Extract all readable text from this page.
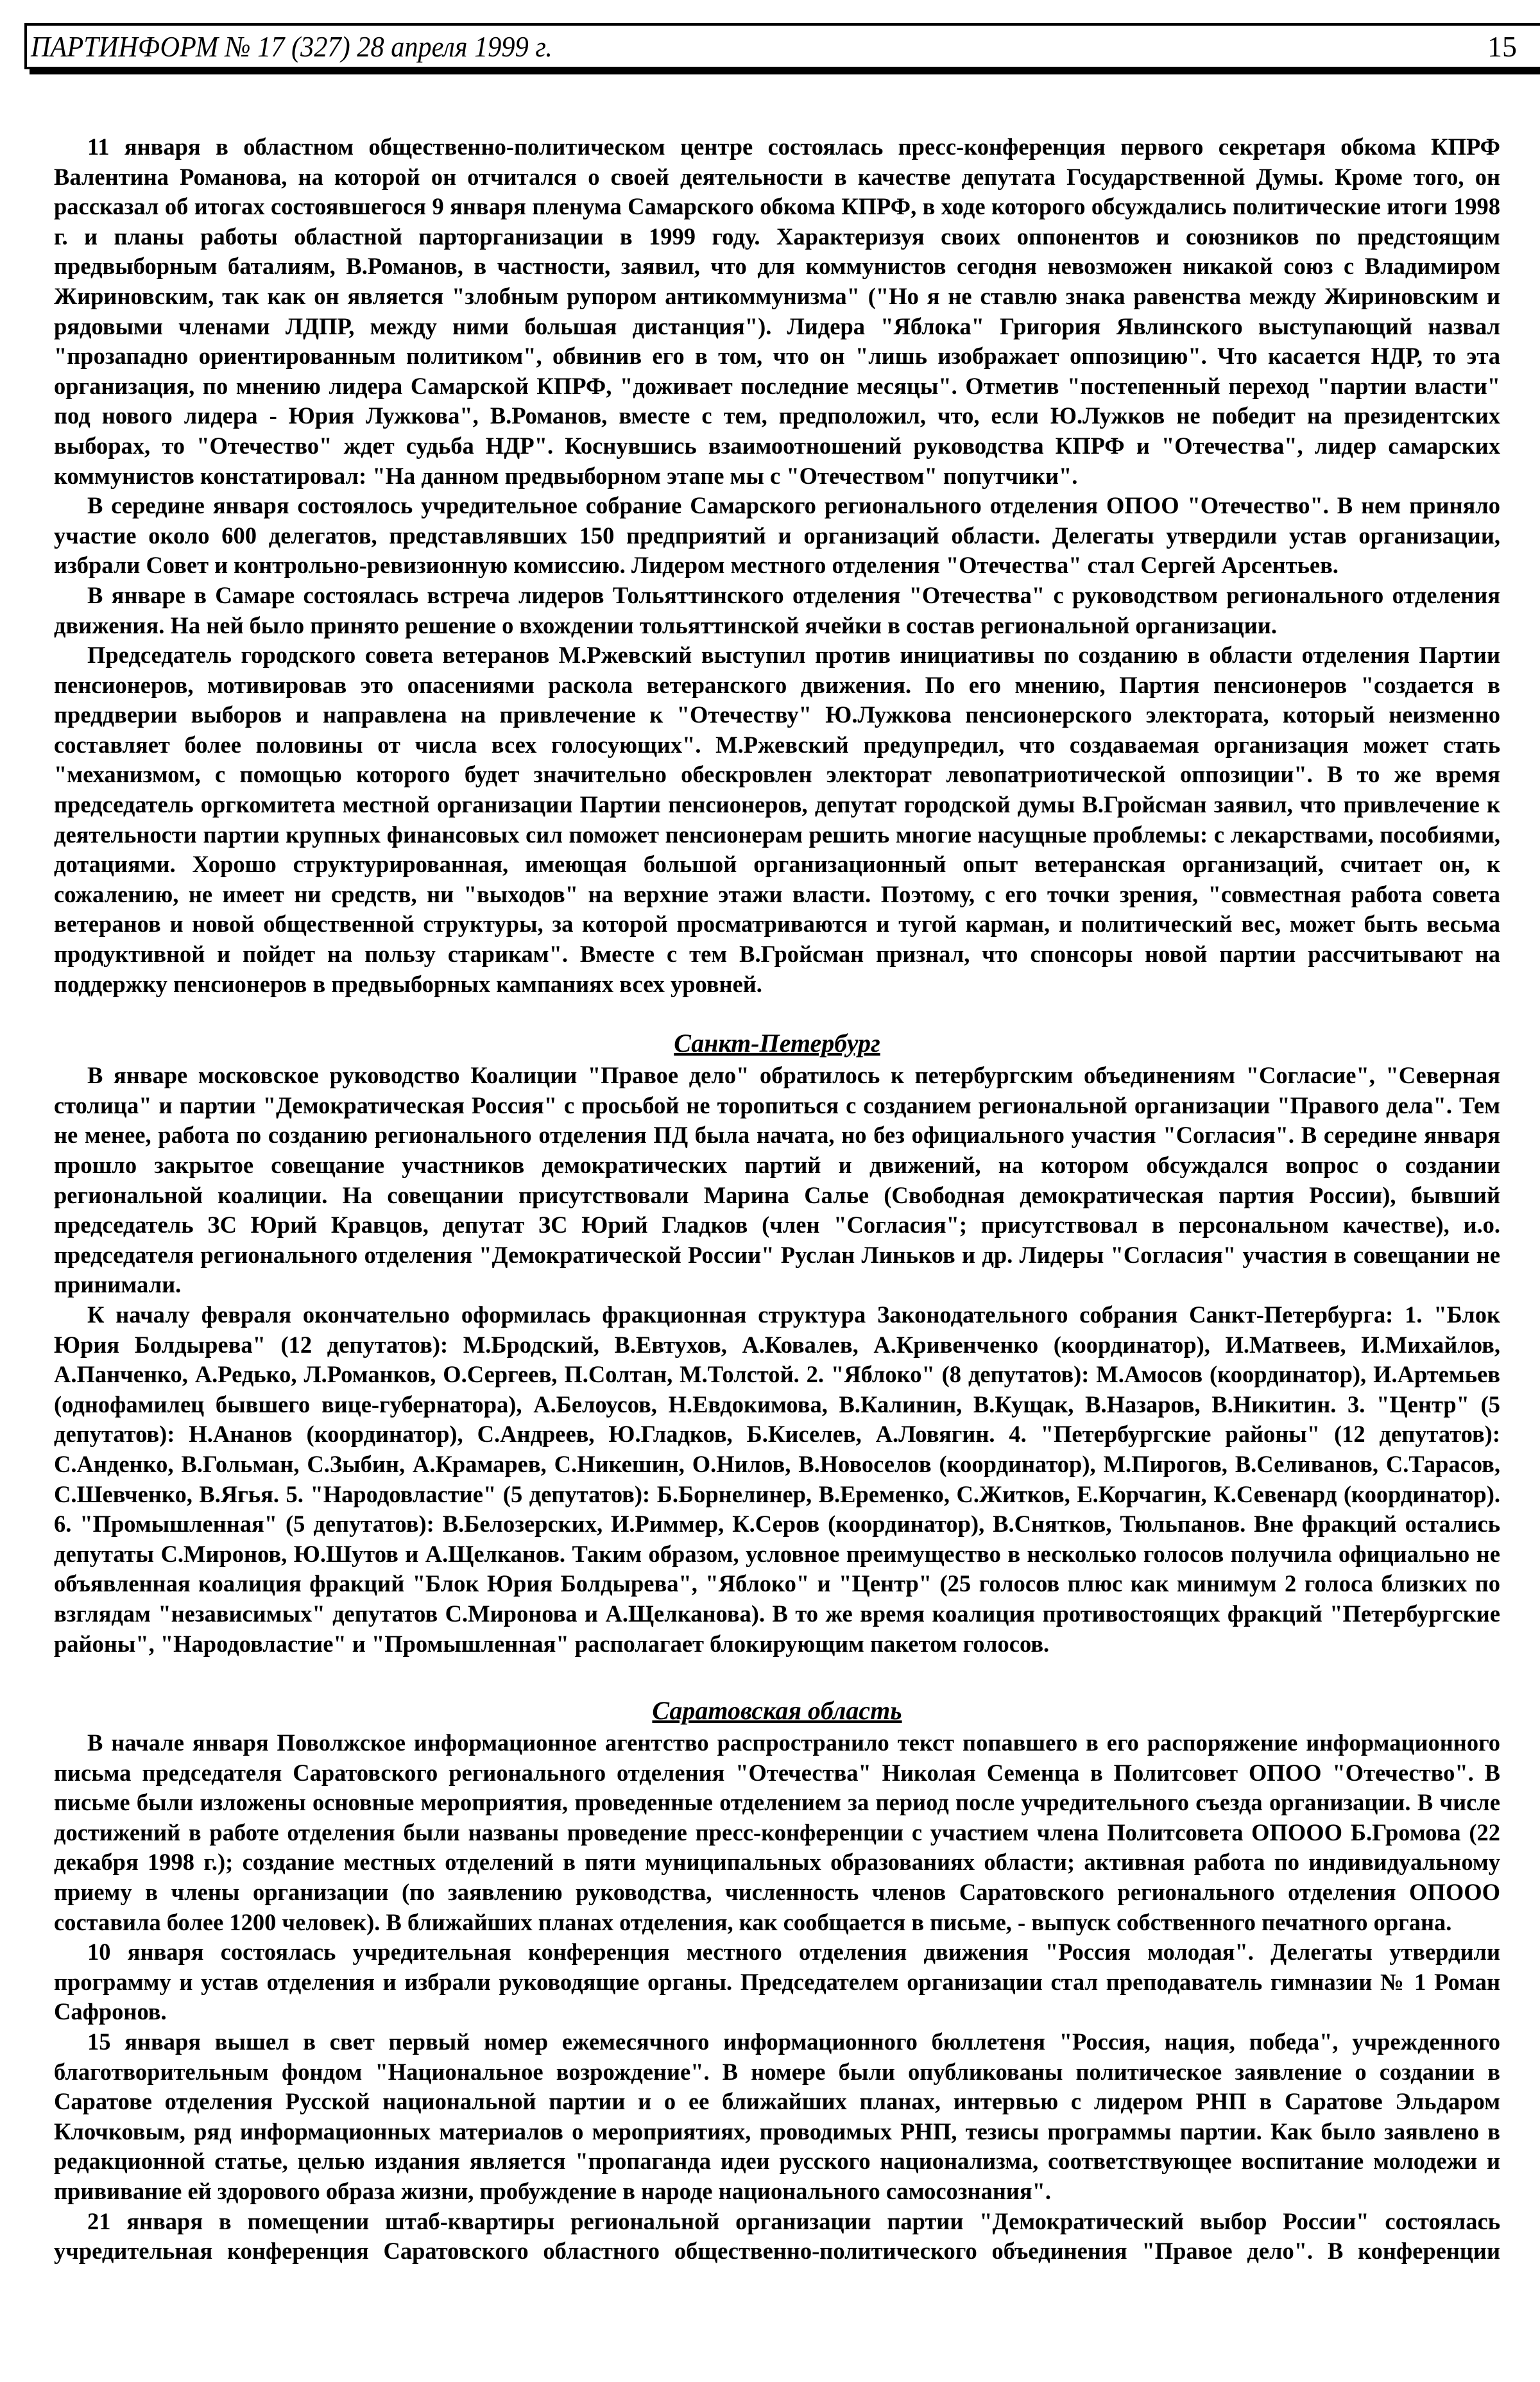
ПАРТИНФОРМ № 17 (327) 28 апреля 1999 г.	15

11 января в областном общественно-политическом центре состоялась пресс-конференция первого секретаря обкома КПРФ Валентина Романова, на которой он отчитался о своей деятельности в качестве депутата Государственной Думы. Кроме того, он рассказал об итогах состоявшегося 9 января пленума Самарского обкома КПРФ, в ходе которого обсуждались политические итоги 1998 г. и планы работы областной парторганизации в 1999 году. Характеризуя своих оппонентов и союзников по предстоящим предвыборным баталиям, В.Романов, в частности, заявил, что для коммунистов сегодня невозможен никакой союз с Владимиром Жириновским, так как он является "злобным рупором антикоммунизма" ("Но я не ставлю знака равенства между Жириновским и рядовыми членами ЛДПР, между ними большая дистанция"). Лидера "Яблока" Григория Явлинского выступающий назвал "прозападно ориентированным политиком", обвинив его в том, что он "лишь изображает оппозицию". Что касается НДР, то эта организация, по мнению лидера Самарской КПРФ, "доживает последние месяцы". Отметив "постепенный переход "партии власти" под нового лидера - Юрия Лужкова", В.Романов, вместе с тем, предположил, что, если Ю.Лужков не победит на президентских выборах, то "Отечество" ждет судьба НДР". Коснувшись взаимоотношений руководства КПРФ и "Отечества", лидер самарских коммунистов констатировал: "На данном предвыборном этапе мы с "Отечеством" попутчики".

В середине января состоялось учредительное собрание Самарского регионального отделения ОПОО "Отечество". В нем приняло участие около 600 делегатов, представлявших 150 предприятий и организаций области. Делегаты утвердили устав организации, избрали Совет и контрольно-ревизионную комиссию. Лидером местного отделения "Отечества" стал Сергей Арсентьев.

В январе в Самаре состоялась встреча лидеров Тольяттинского отделения "Отечества" с руководством регионального отделения движения. На ней было принято решение о вхождении тольяттинской ячейки в состав региональной организации.

Председатель городского совета ветеранов М.Ржевский выступил против инициативы по созданию в области отделения Партии пенсионеров, мотивировав это опасениями раскола ветеранского движения. По его мнению, Партия пенсионеров "создается в преддверии выборов и направлена на привлечение к "Отечеству" Ю.Лужкова пенсионерского электората, который неизменно составляет более половины от числа всех голосующих". М.Ржевский предупредил, что создаваемая организация может стать "механизмом, с помощью которого будет значительно обескровлен электорат левопатриотической оппозиции". В то же время председатель оргкомитета местной организации Партии пенсионеров, депутат городской думы В.Гройсман заявил, что привлечение к деятельности партии крупных финансовых сил поможет пенсионерам решить многие насущные проблемы: с лекарствами, пособиями, дотациями. Хорошо структурированная, имеющая большой организационный опыт ветеранская организаций, считает он, к сожалению, не имеет ни средств, ни "выходов" на верхние этажи власти. Поэтому, с его точки зрения, "совместная работа совета ветеранов и новой общественной структуры, за которой просматриваются и тугой карман, и политический вес, может быть весьма продуктивной и пойдет на пользу старикам". Вместе с тем В.Гройсман признал, что спонсоры новой партии рассчитывают на поддержку пенсионеров в предвыборных кампаниях всех уровней.

Санкт-Петербург

В январе московское руководство Коалиции "Правое дело" обратилось к петербургским объединениям "Согласие", "Северная столица" и партии "Демократическая Россия" с просьбой не торопиться с созданием региональной организации "Правого дела". Тем не менее, работа по созданию регионального отделения ПД была начата, но без официального участия "Согласия". В середине января прошло закрытое совещание участников демократических партий и движений, на котором обсуждался вопрос о создании региональной коалиции. На совещании присутствовали Марина Салье (Свободная демократическая партия России), бывший председатель ЗС Юрий Кравцов, депутат ЗС Юрий Гладков (член "Согласия"; присутствовал в персональном качестве), и.о. председателя регионального отделения "Демократической России" Руслан Линьков и др. Лидеры "Согласия" участия в совещании не принимали.

К началу февраля окончательно оформилась фракционная структура Законодательного собрания Санкт-Петербурга: 1. "Блок Юрия Болдырева" (12 депутатов): М.Бродский, В.Евтухов, А.Ковалев, А.Кривенченко (координатор), И.Матвеев, И.Михайлов, А.Панченко, А.Редько, Л.Романков, О.Сергеев, П.Солтан, М.Толстой. 2. "Яблоко" (8 депутатов): М.Амосов (координатор), И.Артемьев (однофамилец бывшего вице-губернатора), А.Белоусов, Н.Евдокимова, В.Калинин, В.Кущак, В.Назаров, В.Никитин. 3. "Центр" (5 депутатов): Н.Ананов (координатор), С.Андреев, Ю.Гладков, Б.Киселев, А.Ловягин. 4. "Петербургские районы" (12 депутатов): С.Анденко, В.Гольман, С.Зыбин, А.Крамарев, С.Никешин, О.Нилов, В.Новоселов (координатор), М.Пирогов, В.Селиванов, С.Тарасов, С.Шевченко, В.Ягья. 5. "Народовластие" (5 депутатов): Б.Борнелинер, В.Еременко, С.Житков, Е.Корчагин, К.Севенард (координатор). 6. "Промышленная" (5 депутатов): В.Белозерских, И.Риммер, К.Серов (координатор), В.Снятков, Тюльпанов. Вне фракций остались депутаты С.Миронов, Ю.Шутов и А.Щелканов. Таким образом, условное преимущество в несколько голосов получила официально не объявленная коалиция фракций "Блок Юрия Болдырева", "Яблоко" и "Центр" (25 голосов плюс как минимум 2 голоса близких по взглядам "независимых" депутатов С.Миронова и А.Щелканова). В то же время коалиция противостоящих фракций "Петербургские районы", "Народовластие" и "Промышленная" располагает блокирующим пакетом голосов.

Саратовская область

В начале января Поволжское информационное агентство распространило текст попавшего в его распоряжение информационного письма председателя Саратовского регионального отделения "Отечества" Николая Семенца в Политсовет ОПОО "Отечество". В письме были изложены основные мероприятия, проведенные отделением за период после учредительного съезда организации. В числе достижений в работе отделения были названы проведение пресс-конференции с участием члена Политсовета ОПООО Б.Громова (22 декабря 1998 г.); создание местных отделений в пяти муниципальных образованиях области; активная работа по индивидуальному приему в члены организации (по заявлению руководства, численность членов Саратовского регионального отделения ОПООО составила более 1200 человек). В ближайших планах отделения, как сообщается в письме, - выпуск собственного печатного органа.

10 января состоялась учредительная конференция местного отделения движения "Россия молодая". Делегаты утвердили программу и устав отделения и избрали руководящие органы. Председателем организации стал преподаватель гимназии № 1 Роман Сафронов.

15 января вышел в свет первый номер ежемесячного информационного бюллетеня "Россия, нация, победа", учрежденного благотворительным фондом "Национальное возрождение". В номере были опубликованы политическое заявление о создании в Саратове отделения Русской национальной партии и о ее ближайших планах, интервью с лидером РНП в Саратове Эльдаром Клочковым, ряд информационных материалов о мероприятиях, проводимых РНП, тезисы программы партии. Как было заявлено в редакционной статье, целью издания является "пропаганда идеи русского национализма, соответствующее воспитание молодежи и прививание ей здорового образа жизни, пробуждение в народе национального самосознания".

21 января в помещении штаб-квартиры региональной организации партии "Демократический выбор России" состоялась учредительная конференция Саратовского областного общественно-политического объединения "Правое дело". В конференции
